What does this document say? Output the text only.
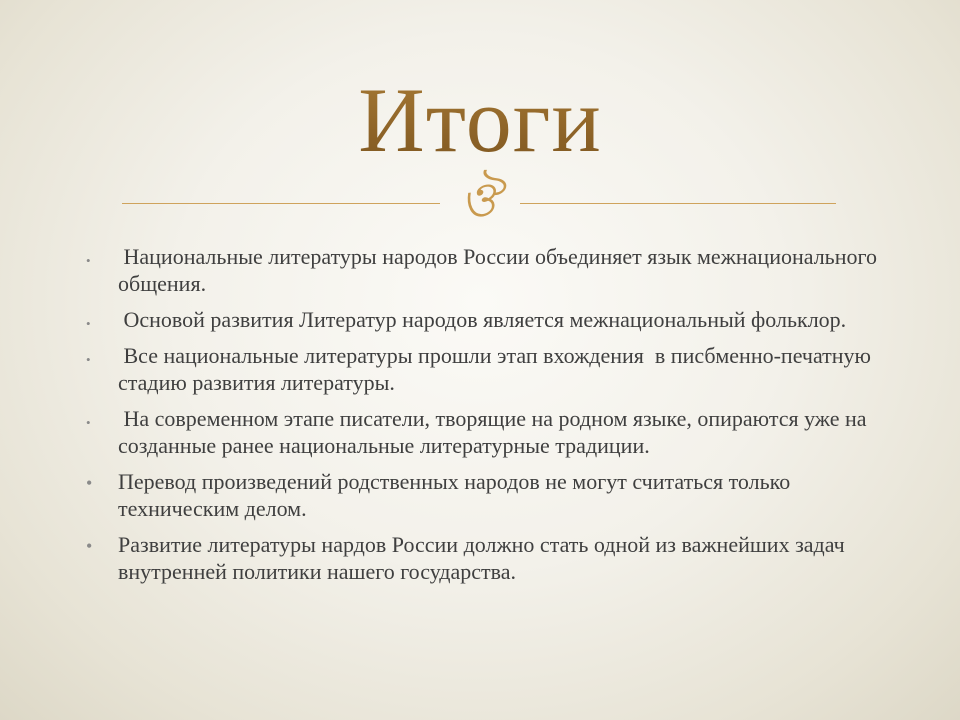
Итоги
ঔ
• Национальные литературы народов России объединяет язык межнационального общения.
• Основой развития Литератур народов является межнациональный фольклор.
• Все национальные литературы прошли этап вхождения  в писбменно-печатную стадию развития литературы.
• На современном этапе писатели, творящие на родном языке, опираются уже на созданные ранее национальные литературные традиции.
• Перевод произведений родственных народов не могут считаться только техническим делом.
• Развитие литературы нардов России должно стать одной из важнейших задач внутренней политики нашего государства.
